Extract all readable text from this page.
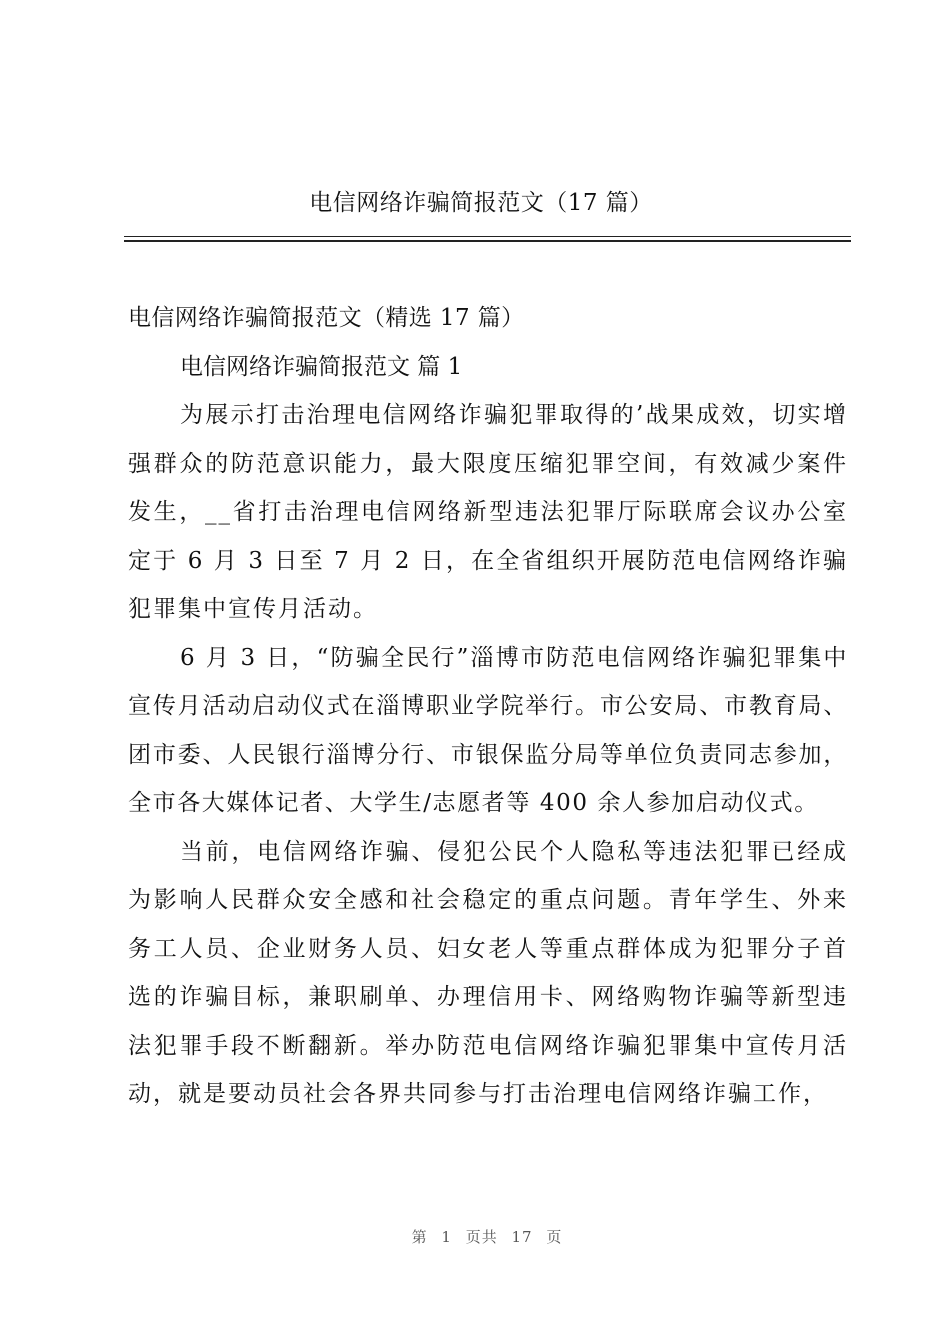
电信网络诈骗简报范文（17 篇）

电信网络诈骗简报范文（精选 17 篇）

电信网络诈骗简报范文 篇 1

为展示打击治理电信网络诈骗犯罪取得的’战果成效，切实增强群众的防范意识能力，最大限度压缩犯罪空间，有效减少案件发生，__省打击治理电信网络新型违法犯罪厅际联席会议办公室定于 6 月 3 日至 7 月 2 日，在全省组织开展防范电信网络诈骗犯罪集中宣传月活动。

6 月 3 日，“防骗全民行”淄博市防范电信网络诈骗犯罪集中宣传月活动启动仪式在淄博职业学院举行。市公安局、市教育局、团市委、人民银行淄博分行、市银保监分局等单位负责同志参加，全市各大媒体记者、大学生/志愿者等 400 余人参加启动仪式。

当前，电信网络诈骗、侵犯公民个人隐私等违法犯罪已经成为影响人民群众安全感和社会稳定的重点问题。青年学生、外来务工人员、企业财务人员、妇女老人等重点群体成为犯罪分子首选的诈骗目标，兼职刷单、办理信用卡、网络购物诈骗等新型违法犯罪手段不断翻新。举办防范电信网络诈骗犯罪集中宣传月活动，就是要动员社会各界共同参与打击治理电信网络诈骗工作，

第 1 页共 17 页
